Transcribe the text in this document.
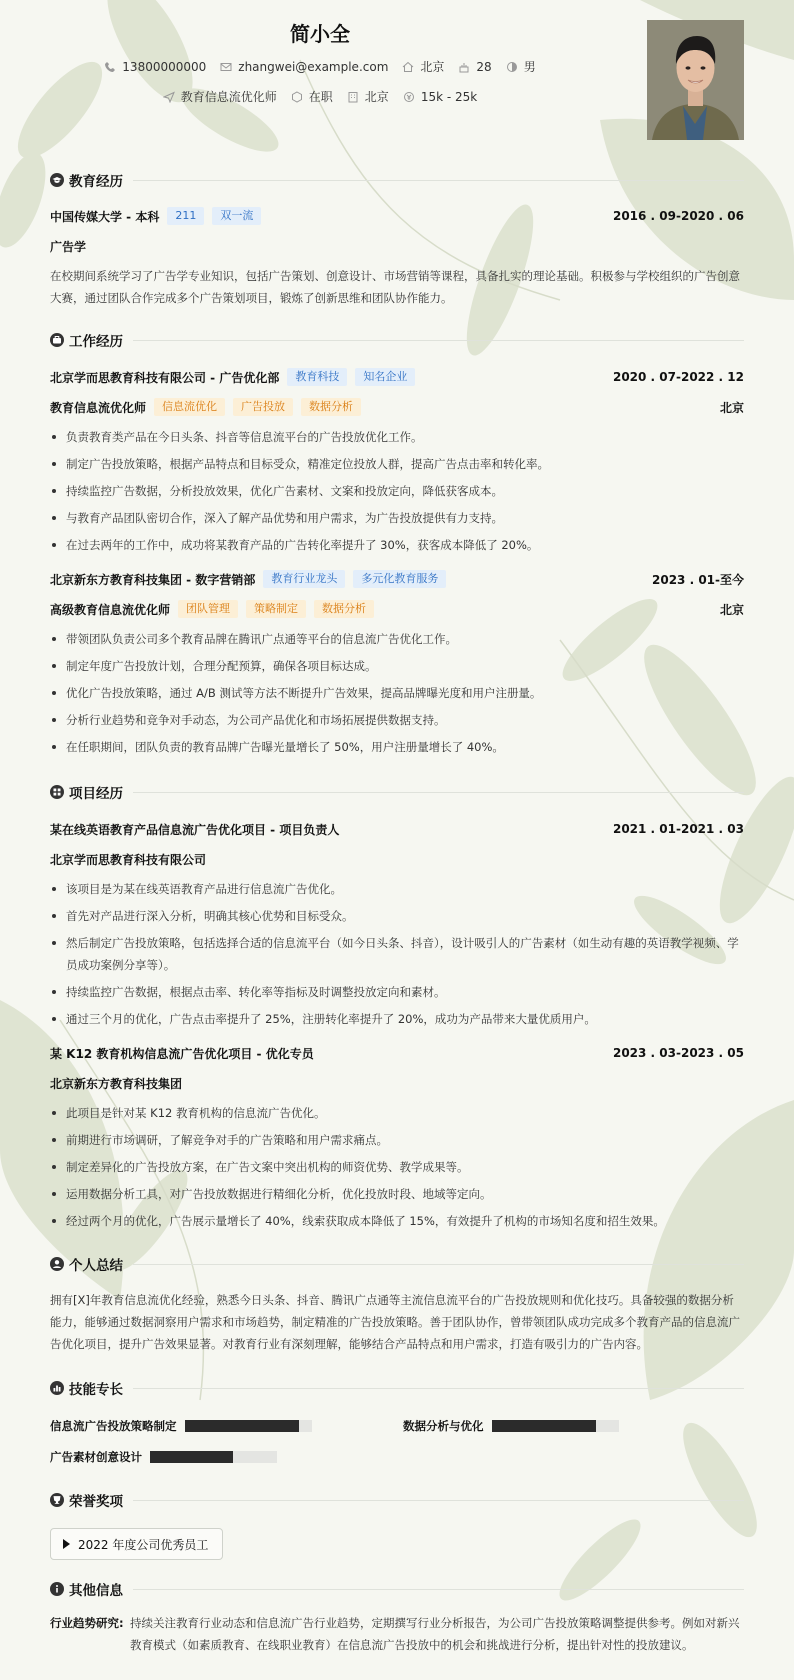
简小全
13800000000	zhangwei@example.com	北京	28	男
教育信息流优化师	在职	北京	15k - 25k
教育经历
中国传媒大学 - 本科	211	双一流	2016 . 09-2020 . 06
广告学
在校期间系统学习了广告学专业知识，包括广告策划、创意设计、市场营销等课程，具备扎实的理论基础。积极参与学校组织的广告创意大赛，通过团队合作完成多个广告策划项目，锻炼了创新思维和团队协作能力。
工作经历
北京学而思教育科技有限公司 - 广告优化部	教育科技	知名企业	2020 . 07-2022 . 12
教育信息流优化师	信息流优化	广告投放	数据分析	北京
负责教育类产品在今日头条、抖音等信息流平台的广告投放优化工作。
制定广告投放策略，根据产品特点和目标受众，精准定位投放人群，提高广告点击率和转化率。
持续监控广告数据，分析投放效果，优化广告素材、文案和投放定向，降低获客成本。
与教育产品团队密切合作，深入了解产品优势和用户需求，为广告投放提供有力支持。
在过去两年的工作中，成功将某教育产品的广告转化率提升了 30%，获客成本降低了 20%。
北京新东方教育科技集团 - 数字营销部	教育行业龙头	多元化教育服务	2023 . 01-至今
高级教育信息流优化师	团队管理	策略制定	数据分析	北京
带领团队负责公司多个教育品牌在腾讯广点通等平台的信息流广告优化工作。
制定年度广告投放计划，合理分配预算，确保各项目标达成。
优化广告投放策略，通过 A/B 测试等方法不断提升广告效果，提高品牌曝光度和用户注册量。
分析行业趋势和竞争对手动态，为公司产品优化和市场拓展提供数据支持。
在任职期间，团队负责的教育品牌广告曝光量增长了 50%，用户注册量增长了 40%。
项目经历
某在线英语教育产品信息流广告优化项目 - 项目负责人	2021 . 01-2021 . 03
北京学而思教育科技有限公司
该项目是为某在线英语教育产品进行信息流广告优化。
首先对产品进行深入分析，明确其核心优势和目标受众。
然后制定广告投放策略，包括选择合适的信息流平台（如今日头条、抖音），设计吸引人的广告素材（如生动有趣的英语教学视频、学员成功案例分享等）。
持续监控广告数据，根据点击率、转化率等指标及时调整投放定向和素材。
通过三个月的优化，广告点击率提升了 25%，注册转化率提升了 20%，成功为产品带来大量优质用户。
某 K12 教育机构信息流广告优化项目 - 优化专员	2023 . 03-2023 . 05
北京新东方教育科技集团
此项目是针对某 K12 教育机构的信息流广告优化。
前期进行市场调研，了解竞争对手的广告策略和用户需求痛点。
制定差异化的广告投放方案，在广告文案中突出机构的师资优势、教学成果等。
运用数据分析工具，对广告投放数据进行精细化分析，优化投放时段、地域等定向。
经过两个月的优化，广告展示量增长了 40%，线索获取成本降低了 15%，有效提升了机构的市场知名度和招生效果。
个人总结
拥有[X]年教育信息流优化经验，熟悉今日头条、抖音、腾讯广点通等主流信息流平台的广告投放规则和优化技巧。具备较强的数据分析能力，能够通过数据洞察用户需求和市场趋势，制定精准的广告投放策略。善于团队协作，曾带领团队成功完成多个教育产品的信息流广告优化项目，提升广告效果显著。对教育行业有深刻理解，能够结合产品特点和用户需求，打造有吸引力的广告内容。
技能专长
信息流广告投放策略制定	数据分析与优化
广告素材创意设计
荣誉奖项
2022 年度公司优秀员工
其他信息
行业趋势研究: 持续关注教育行业动态和信息流广告行业趋势，定期撰写行业分析报告，为公司广告投放策略调整提供参考。例如对新兴教育模式（如素质教育、在线职业教育）在信息流广告投放中的机会和挑战进行分析，提出针对性的投放建议。
